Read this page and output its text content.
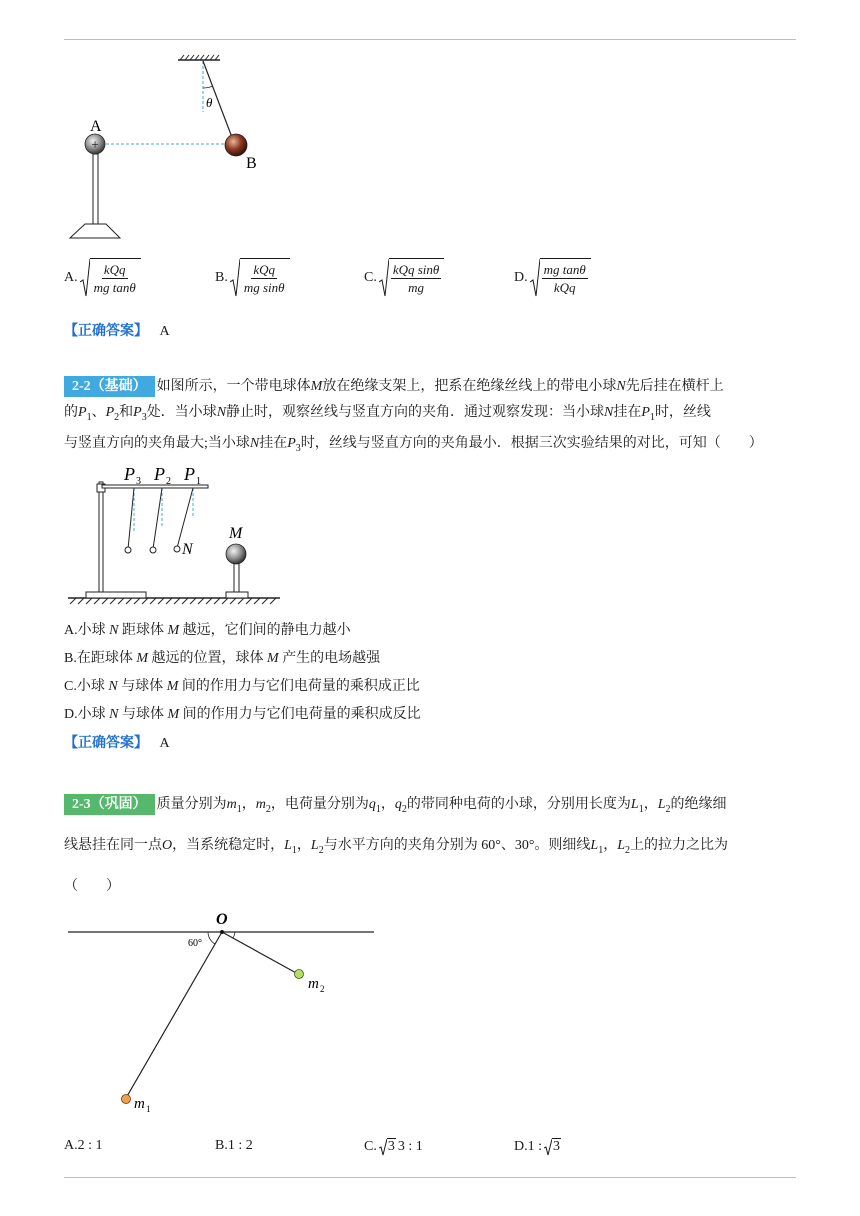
θ
+
A
B
A. $\frac{\text{kQq}}{\text{mg tanθ}}$	B. $\frac{\text{kQq}}{\text{mg sinθ}}$	C. $\frac{\text{kQq sinθ}}{mg}$	D. $\frac{\text{mg tanθ}}{\text{kQq}}$
【正确答案】 A
2-2（基础） 如图所示，一个带电球体M放在绝缘支架上，把系在绝缘丝线上的带电小球N先后挂在横杆上
的$P_1$、$P_2$和$P_3$处．当小球N静止时，观察丝线与竖直方向的夹角．通过观察发现：当小球N挂在$P_1$时，丝线
与竖直方向的夹角最大;当小球N挂在$P_3$时，丝线与竖直方向的夹角最小．根据三次实验结果的对比，可知（　　）
P 3 P 2 P 1
N
M
A.小球 N 距球体 M 越远，它们间的静电力越小
B.在距球体 M 越远的位置，球体 M 产生的电场越强
C.小球 N 与球体 M 间的作用力与它们电荷量的乘积成正比
D.小球 N 与球体 M 间的作用力与它们电荷量的乘积成反比
【正确答案】 A
2-3（巩固） 质量分别为$m_1$，$m_2$，电荷量分别为$q_1$，$q_2$的带同种电荷的小球，分别用长度为$L_1$，$L_2$的绝缘细
线悬挂在同一点O，当系统稳定时，$L_1$，$L_2$与水平方向的夹角分别为 60°、30°。则细线$L_1$，$L_2$上的拉力之比为
（　　）
O
60°
m 1
m 2
A. 2 : 1	B. 1 : 2	C. 3 3 : 1	D. 1 : 3
